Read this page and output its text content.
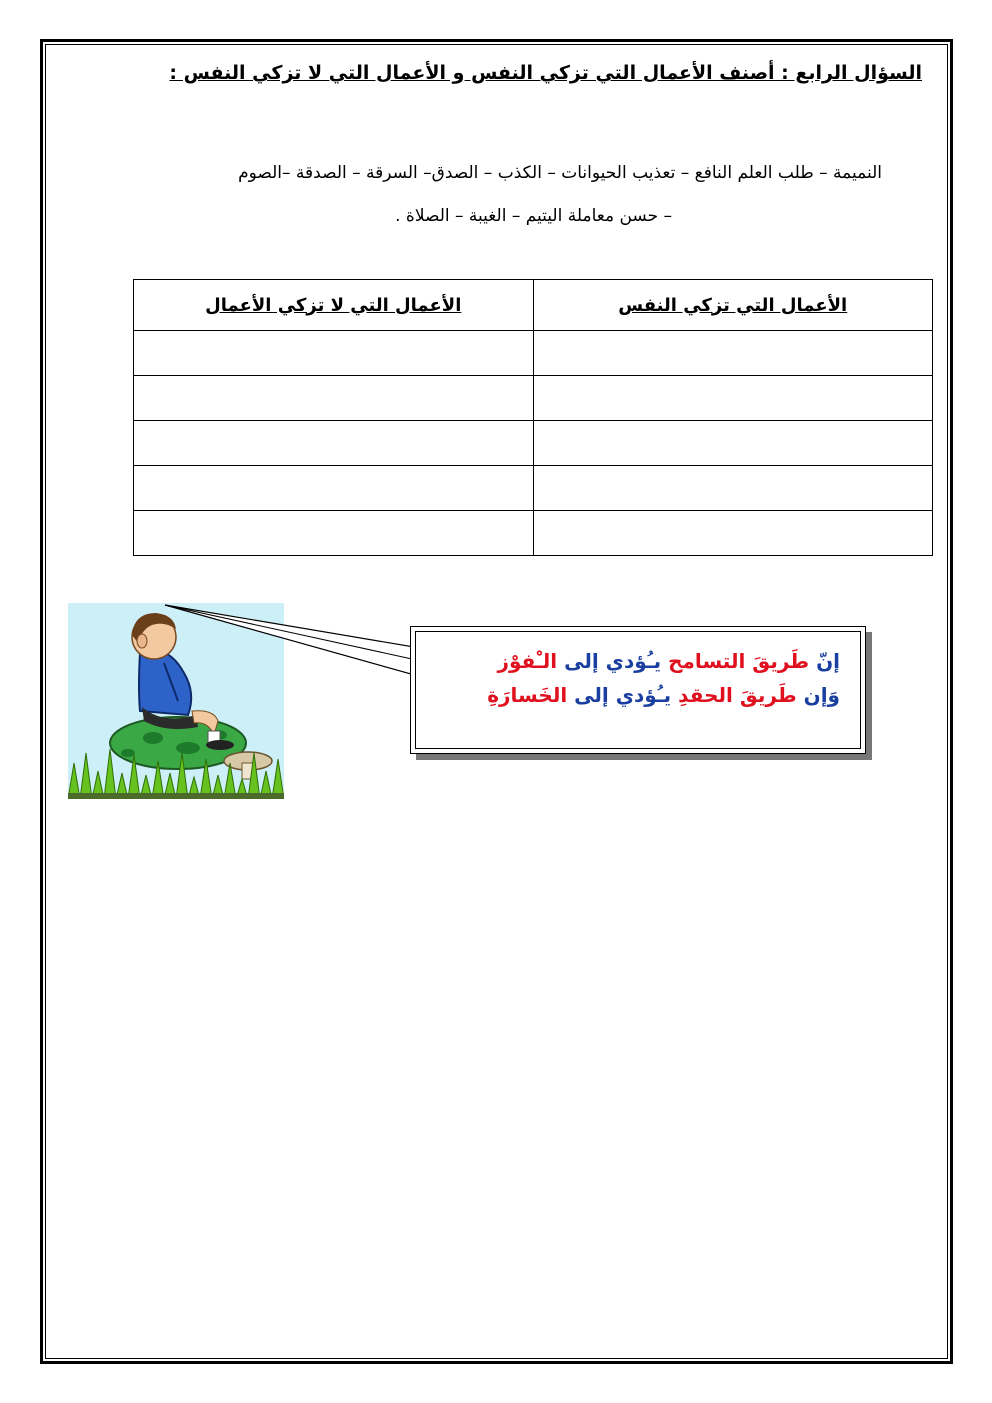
السؤال الرابع : أصنف الأعمال التي تزكي النفس و الأعمال التي لا تزكي النفس :
النميمة – طلب العلم النافع – تعذيب الحيوانات – الكذب – الصدق– السرقة – الصدقة –الصوم
– حسن معاملة اليتيم – الغيبة – الصلاة .
الأعمال التي تزكي النفس	الأعمال التي لا تزكي الأعمال

إنّ طَريقَ التسامح يـُؤدي إلى الـْفوْز
وَإن طَريقَ الحقدِ يـُؤدي إلى الخَسارَةِ
